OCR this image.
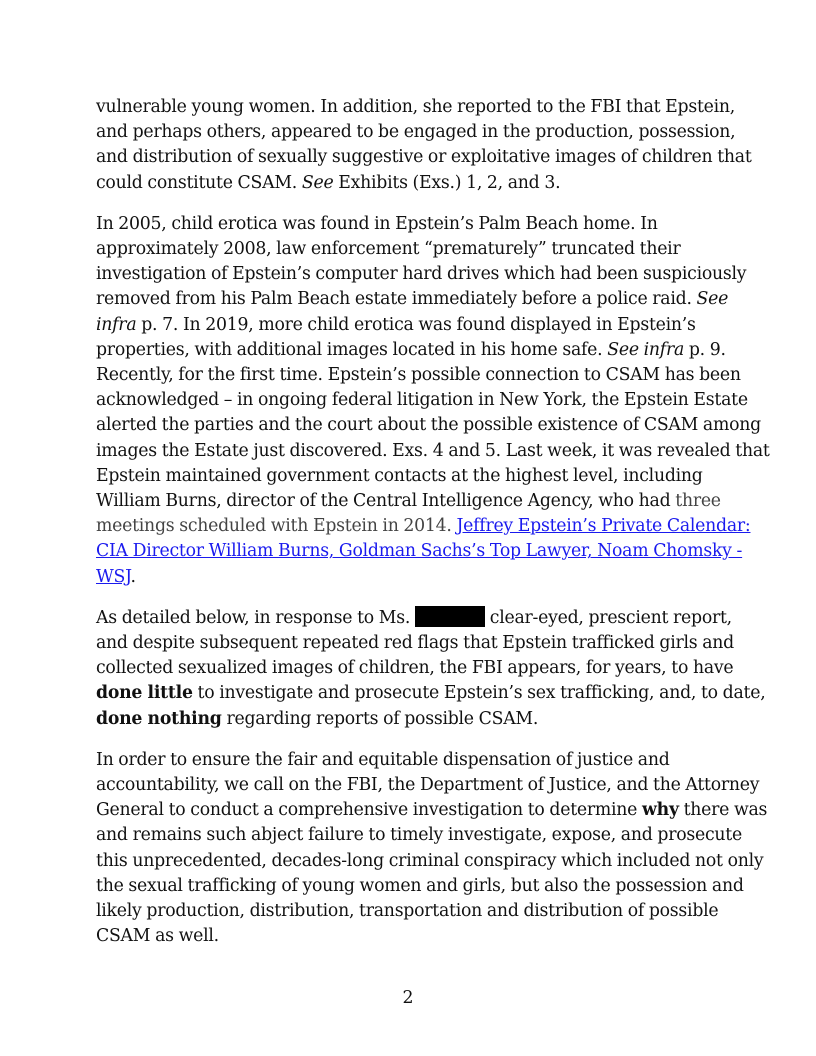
vulnerable young women. In addition, she reported to the FBI that Epstein,
and perhaps others, appeared to be engaged in the production, possession,
and distribution of sexually suggestive or exploitative images of children that
could constitute CSAM. See Exhibits (Exs.) 1, 2, and 3.

In 2005, child erotica was found in Epstein’s Palm Beach home. In
approximately 2008, law enforcement “prematurely” truncated their
investigation of Epstein’s computer hard drives which had been suspiciously
removed from his Palm Beach estate immediately before a police raid. See
infra p. 7. In 2019, more child erotica was found displayed in Epstein’s
properties, with additional images located in his home safe. See infra p. 9.
Recently, for the first time. Epstein’s possible connection to CSAM has been
acknowledged – in ongoing federal litigation in New York, the Epstein Estate
alerted the parties and the court about the possible existence of CSAM among
images the Estate just discovered. Exs. 4 and 5. Last week, it was revealed that
Epstein maintained government contacts at the highest level, including
William Burns, director of the Central Intelligence Agency, who had three
meetings scheduled with Epstein in 2014. Jeffrey Epstein’s Private Calendar:
CIA Director William Burns, Goldman Sachs’s Top Lawyer, Noam Chomsky -
WSJ.

As detailed below, in response to Ms.	clear-eyed, prescient report,
and despite subsequent repeated red flags that Epstein trafficked girls and
collected sexualized images of children, the FBI appears, for years, to have
done little to investigate and prosecute Epstein’s sex trafficking, and, to date,
done nothing regarding reports of possible CSAM.

In order to ensure the fair and equitable dispensation of justice and
accountability, we call on the FBI, the Department of Justice, and the Attorney
General to conduct a comprehensive investigation to determine why there was
and remains such abject failure to timely investigate, expose, and prosecute
this unprecedented, decades-long criminal conspiracy which included not only
the sexual trafficking of young women and girls, but also the possession and
likely production, distribution, transportation and distribution of possible
CSAM as well.

2
